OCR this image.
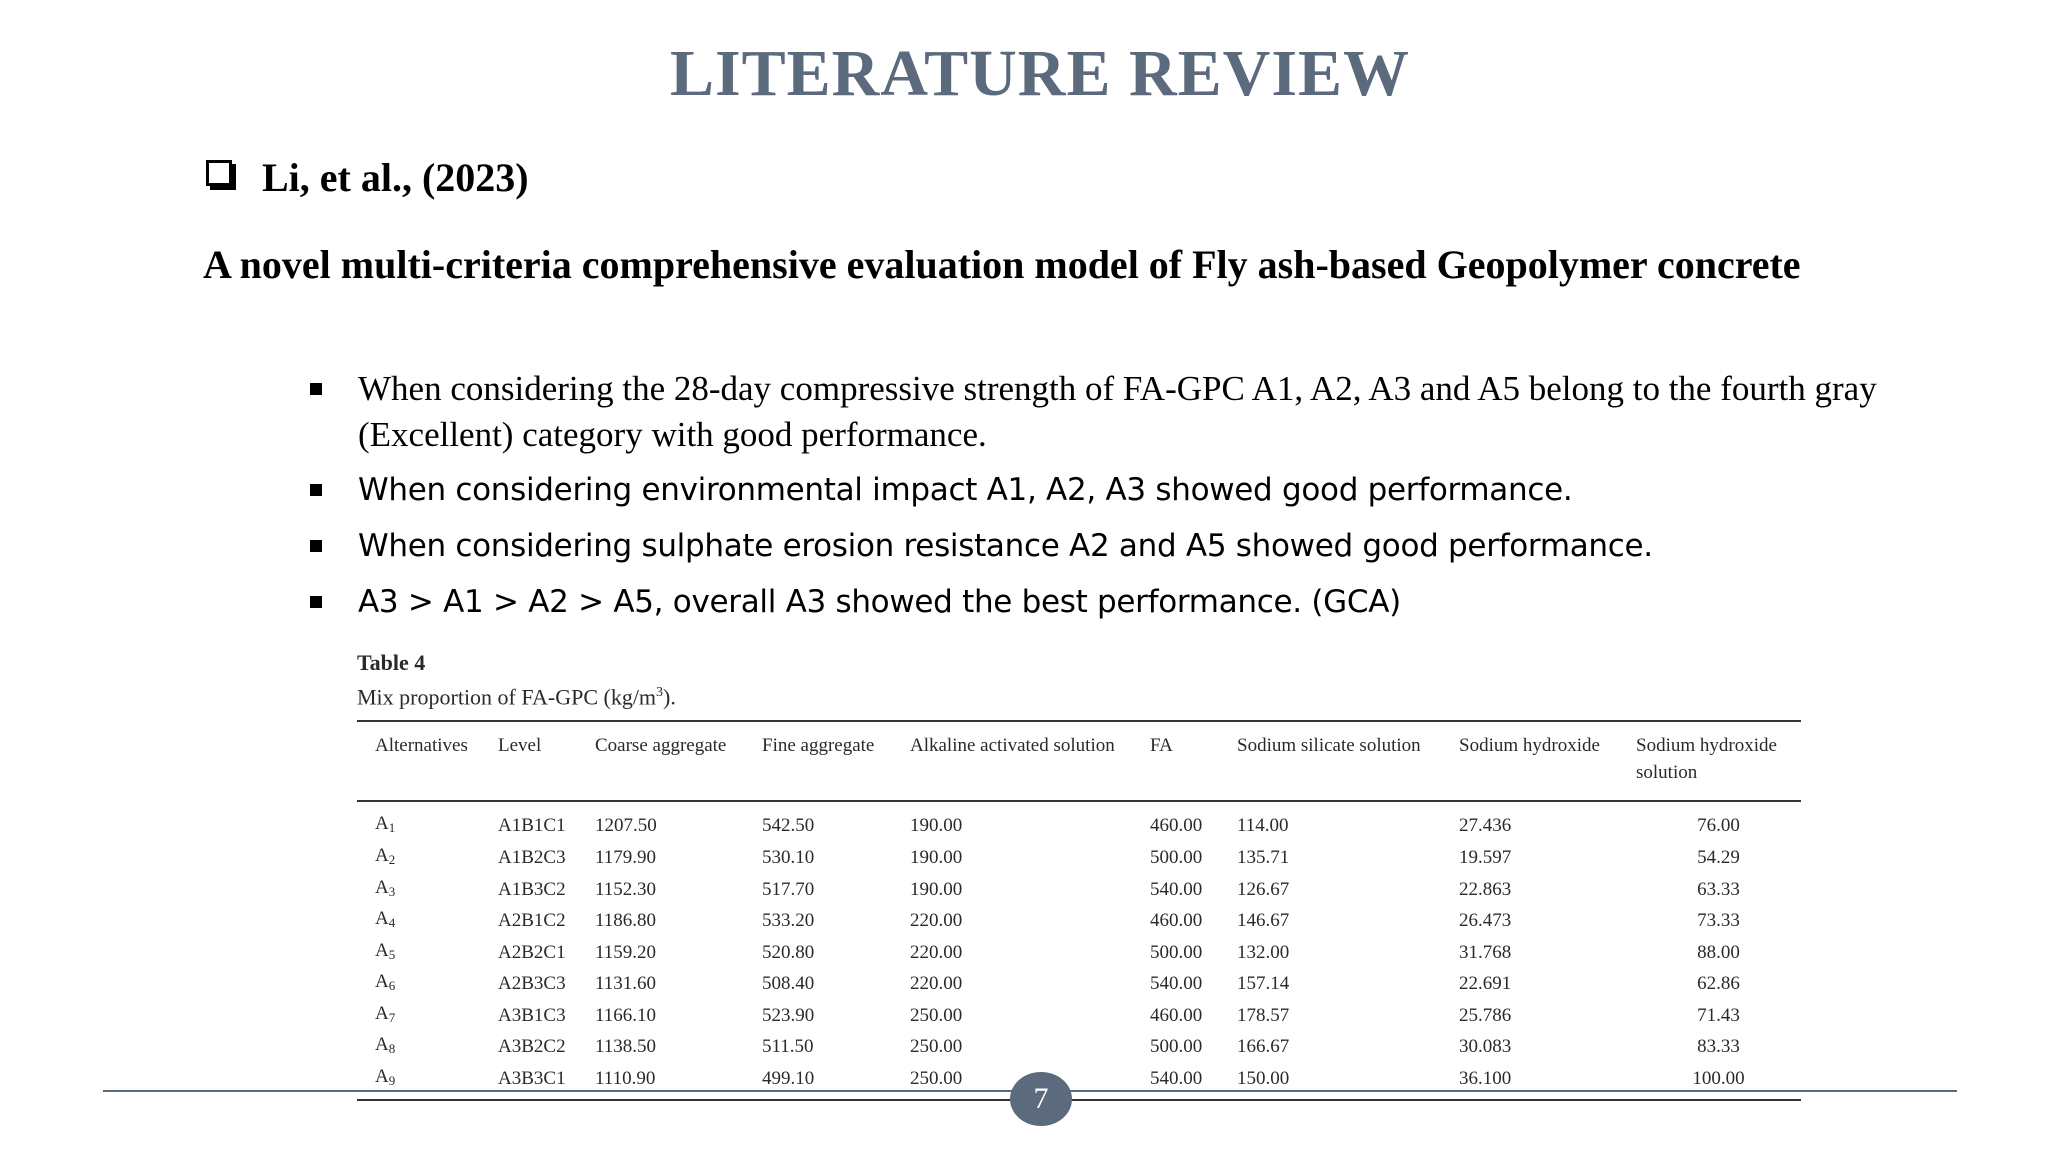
LITERATURE REVIEW
Li, et al., (2023)
A novel multi-criteria comprehensive evaluation model of Fly ash-based Geopolymer concrete
When considering the 28-day compressive strength of FA-GPC A1, A2, A3 and A5 belong to the fourth gray (Excellent) category with good performance.
When considering environmental impact A1, A2, A3 showed good performance.
When considering sulphate erosion resistance A2 and A5 showed good performance.
A3 > A1 > A2 > A5, overall A3 showed the best performance. (GCA)
Table 4
Mix proportion of FA-GPC $(kg/m^3)$.
Alternatives	Level	Coarse aggregate	Fine aggregate	Alkaline activated solution	FA	Sodium silicate solution	Sodium hydroxide	Sodium hydroxide solution
$A_1$	A1B1C1	1207.50	542.50	190.00	460.00	114.00	27.436	76.00
$A_2$	A1B2C3	1179.90	530.10	190.00	500.00	135.71	19.597	54.29
$A_3$	A1B3C2	1152.30	517.70	190.00	540.00	126.67	22.863	63.33
$A_4$	A2B1C2	1186.80	533.20	220.00	460.00	146.67	26.473	73.33
$A_5$	A2B2C1	1159.20	520.80	220.00	500.00	132.00	31.768	88.00
$A_6$	A2B3C3	1131.60	508.40	220.00	540.00	157.14	22.691	62.86
$A_7$	A3B1C3	1166.10	523.90	250.00	460.00	178.57	25.786	71.43
$A_8$	A3B2C2	1138.50	511.50	250.00	500.00	166.67	30.083	83.33
$A_9$	A3B3C1	1110.90	499.10	250.00	540.00	150.00	36.100	100.00
7
